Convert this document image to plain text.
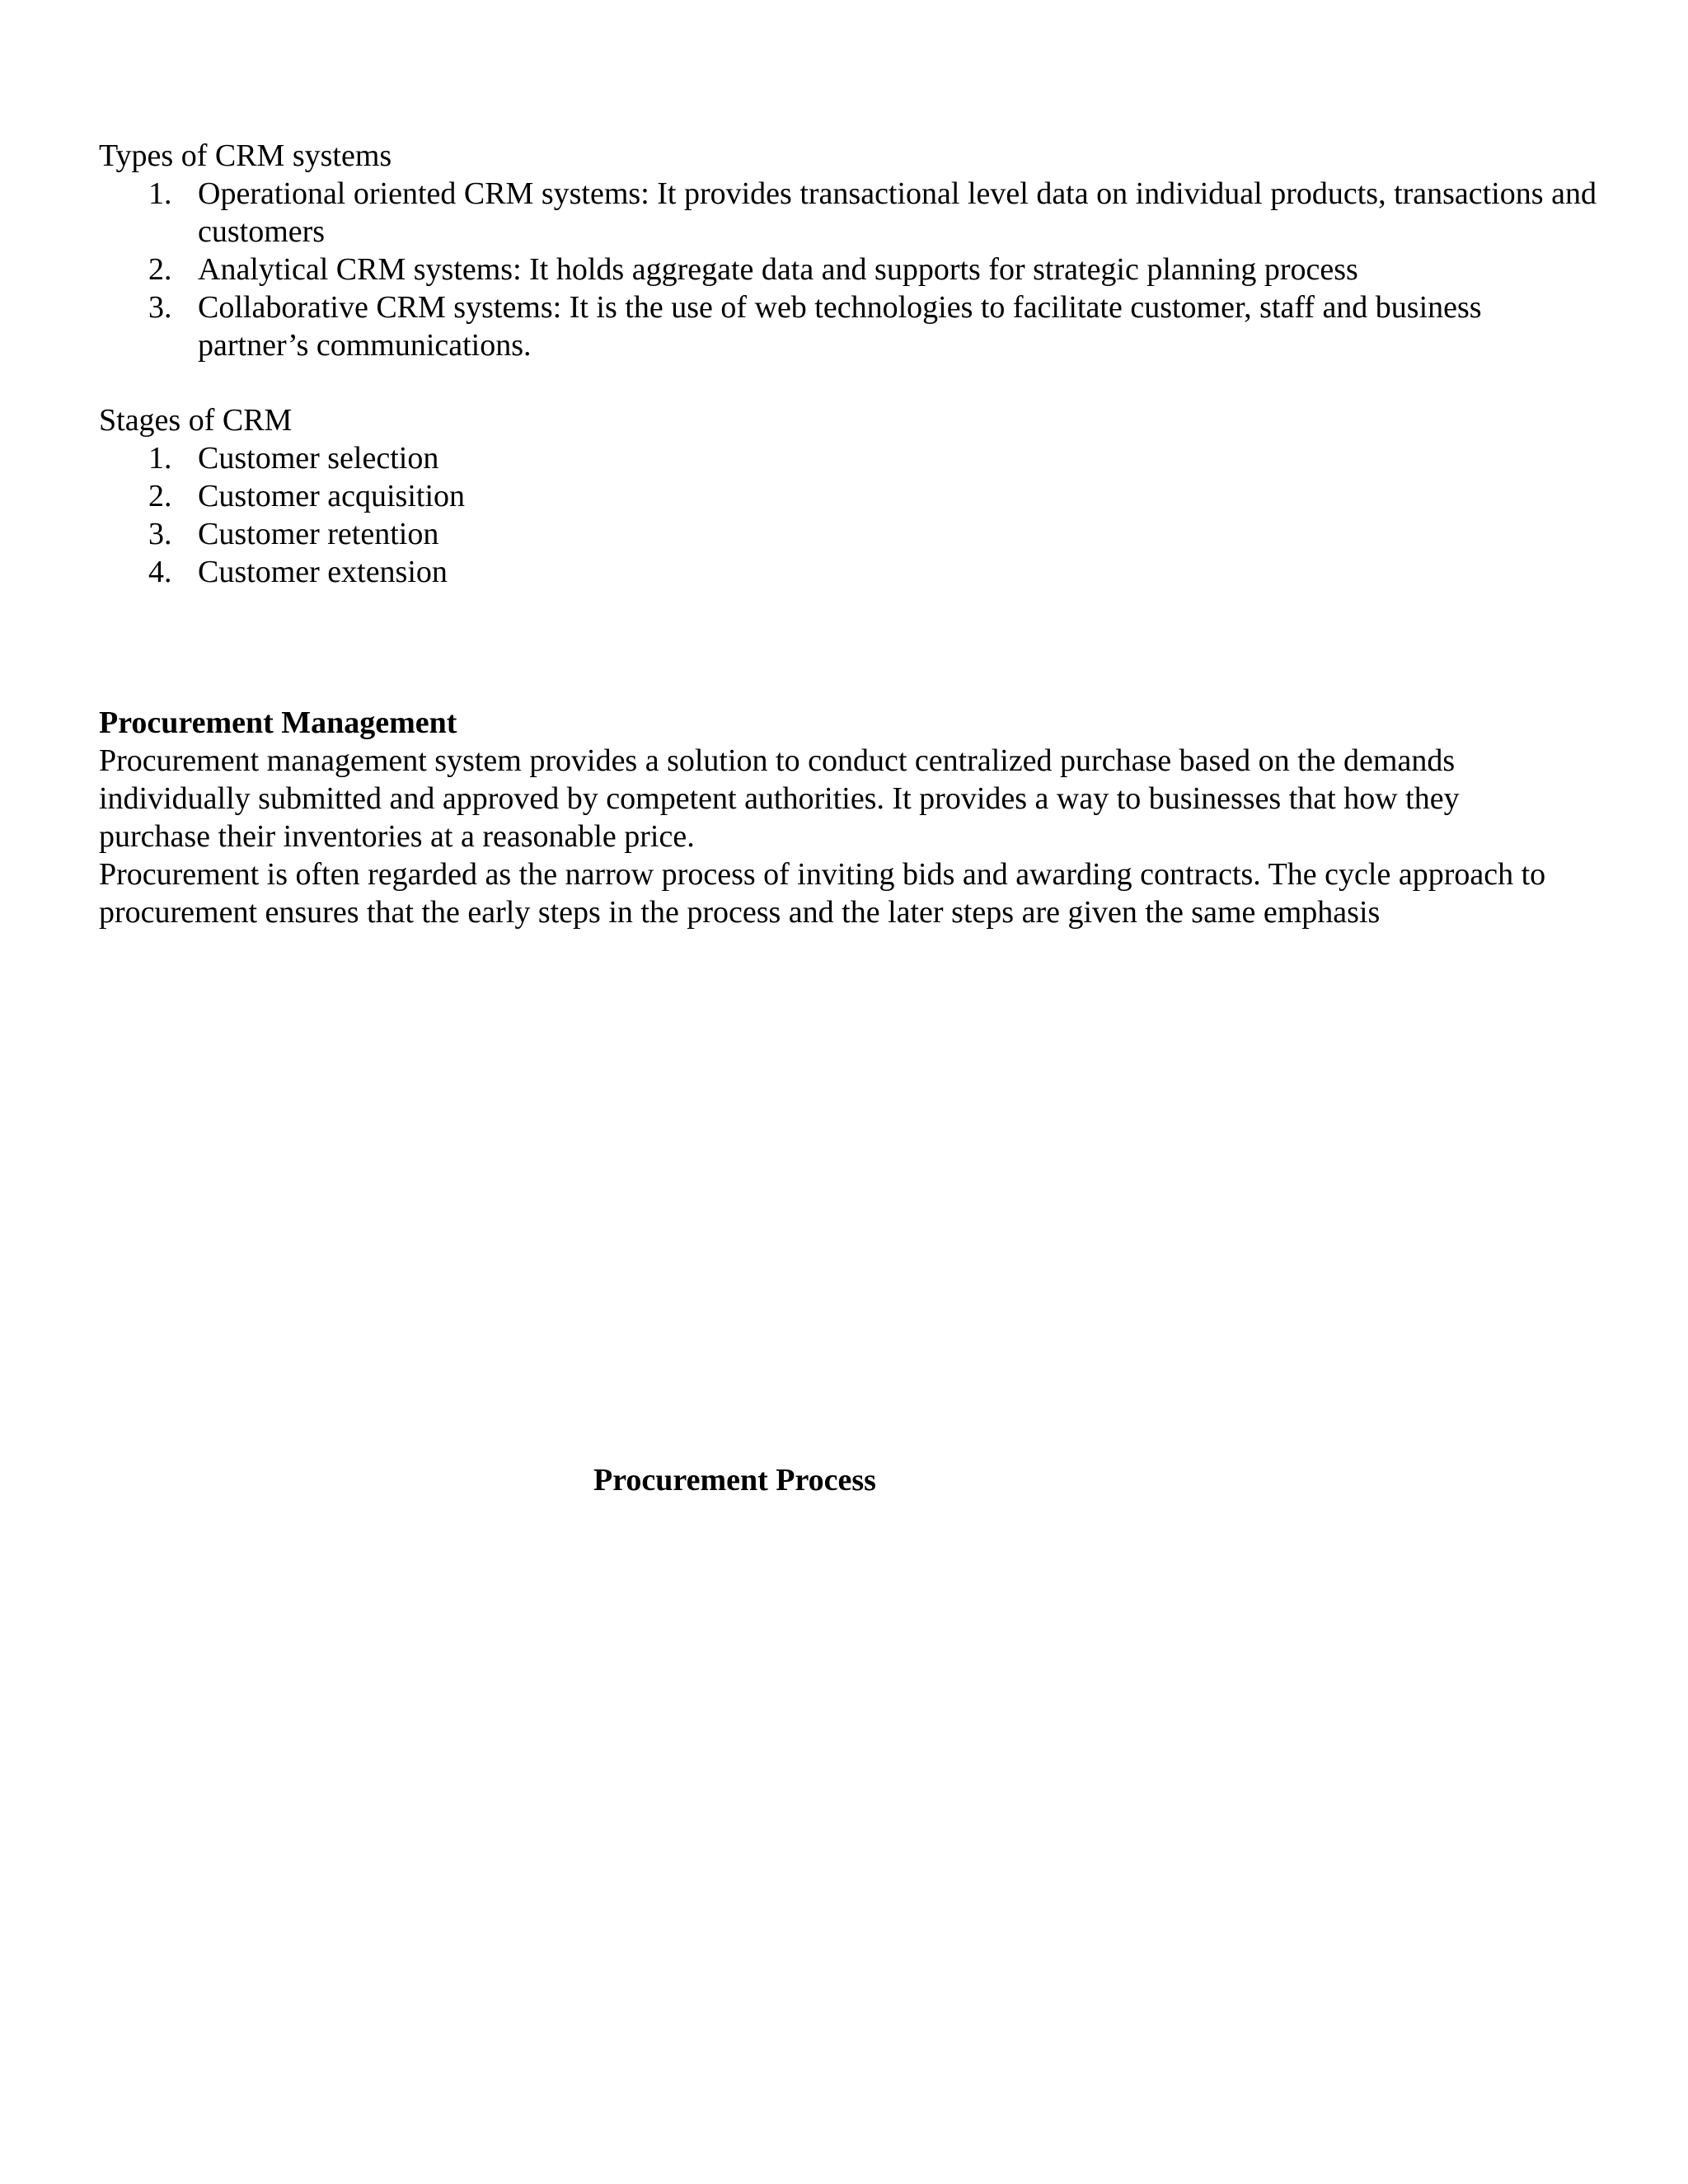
Types of CRM systems
1. Operational oriented CRM systems: It provides transactional level data on individual products, transactions and customers
2. Analytical CRM systems: It holds aggregate data and supports for strategic planning process
3. Collaborative CRM systems: It is the use of web technologies to facilitate customer, staff and business partner’s communications.
Stages of CRM
1. Customer selection
2. Customer acquisition
3. Customer retention
4. Customer extension
Procurement Management

Procurement management system provides a solution to conduct centralized purchase based on the demands individually submitted and approved by competent authorities. It provides a way to businesses that how they purchase their inventories at a reasonable price.

Procurement is often regarded as the narrow process of inviting bids and awarding contracts. The cycle approach to procurement ensures that the early steps in the process and the later steps are given the same emphasis

Procurement Process
